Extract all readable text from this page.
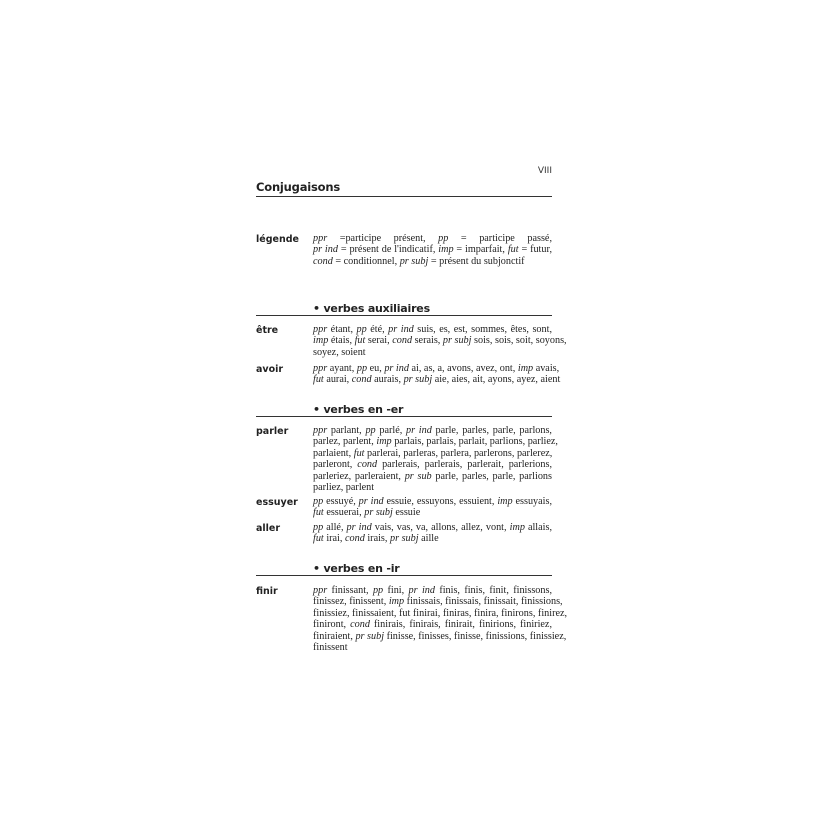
VIII
Conjugaisons
légende ppr =participe présent, pp = participe passé,
pr ind = présent de l'indicatif, imp = imparfait, fut = futur,
cond = conditionnel, pr subj = présent du subjonctif
• verbes auxiliaires
être	ppr étant, pp été, pr ind suis, es, est, sommes, êtes, sont,
imp étais, fut serai, cond serais, pr subj sois, sois, soit, soyons,
soyez, soient
avoir	ppr ayant, pp eu, pr ind ai, as, a, avons, avez, ont, imp avais,
fut aurai, cond aurais, pr subj aie, aies, ait, ayons, ayez, aient
• verbes en -er
parler ppr parlant, pp parlé, pr ind parle, parles, parle, parlons,
parlez, parlent, imp parlais, parlais, parlait, parlions, parliez,
parlaient, fut parlerai, parleras, parlera, parlerons, parlerez,
parleront, cond parlerais, parlerais, parlerait, parlerions,
parleriez, parleraient, pr sub parle, parles, parle, parlions
parliez, parlent
essuyer pp essuyé, pr ind essuie, essuyons, essuient, imp essuyais,
fut essuerai, pr subj essuie
aller	pp allé, pr ind vais, vas, va, allons, allez, vont, imp allais,
fut irai, cond irais, pr subj aille
• verbes en -ir
finir	ppr finissant, pp fini, pr ind finis, finis, finit, finissons,
finissez, finissent, imp finissais, finissais, finissait, finissions,
finissiez, finissaient, fut finirai, finiras, finira, finirons, finirez,
finiront, cond finirais, finirais, finirait, finirions, finiriez,
finiraient, pr subj finisse, finisses, finisse, finissions, finissiez,
finissent
